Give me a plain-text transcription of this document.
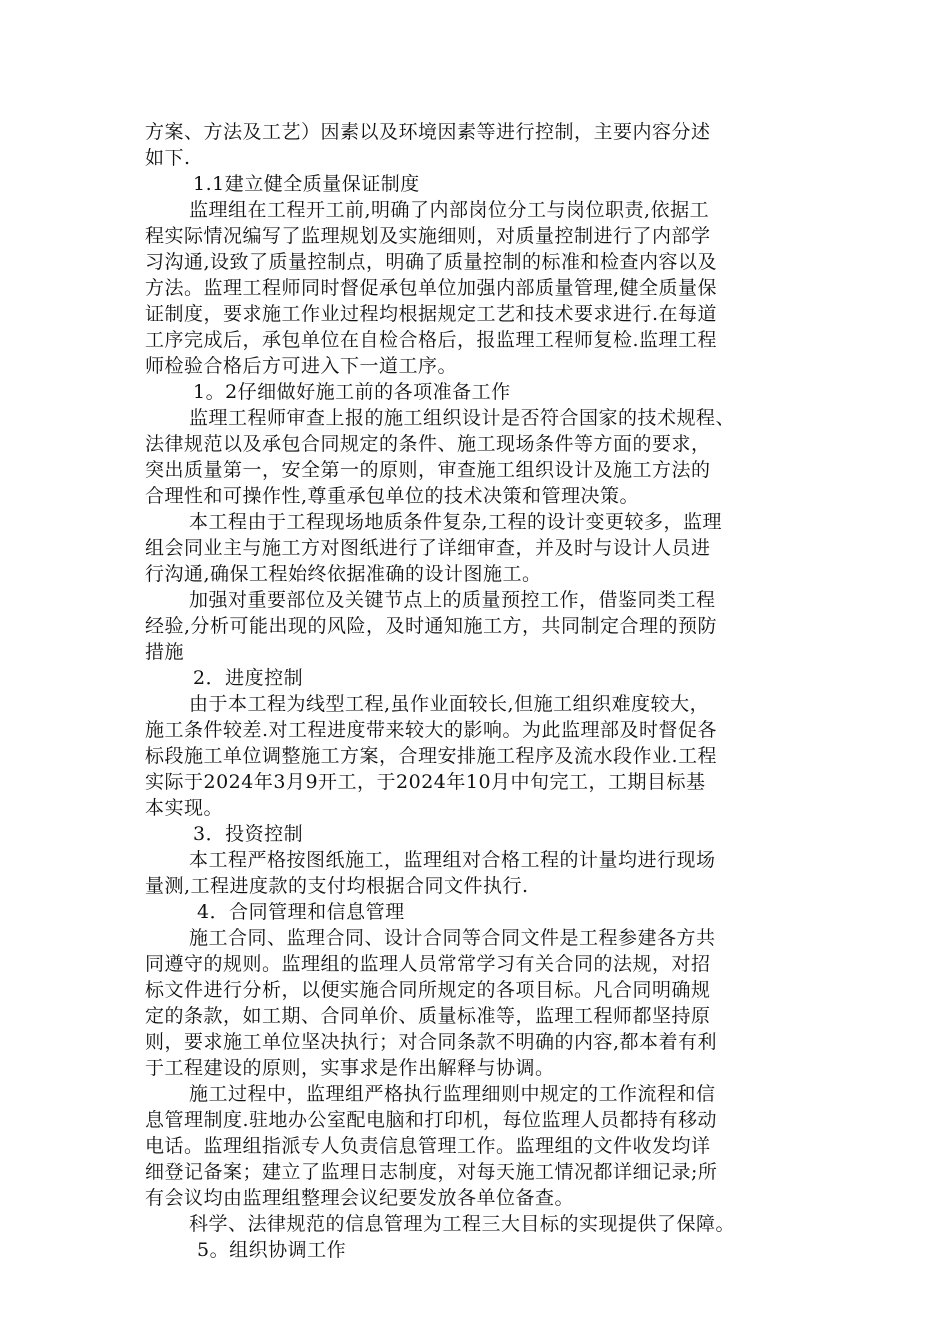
方案、方法及工艺）因素以及环境因素等进行控制，主要内容分述
如下.
1.1建立健全质量保证制度
监理组在工程开工前,明确了内部岗位分工与岗位职责,依据工
程实际情况编写了监理规划及实施细则，对质量控制进行了内部学
习沟通,设致了质量控制点，明确了质量控制的标准和检查内容以及
方法。监理工程师同时督促承包单位加强内部质量管理,健全质量保
证制度，要求施工作业过程均根据规定工艺和技术要求进行.在每道
工序完成后，承包单位在自检合格后，报监理工程师复检.监理工程
师检验合格后方可进入下一道工序。
1。2仔细做好施工前的各项准备工作
监理工程师审查上报的施工组织设计是否符合国家的技术规程、
法律规范以及承包合同规定的条件、施工现场条件等方面的要求，
突出质量第一，安全第一的原则，审查施工组织设计及施工方法的
合理性和可操作性,尊重承包单位的技术决策和管理决策。
本工程由于工程现场地质条件复杂,工程的设计变更较多，监理
组会同业主与施工方对图纸进行了详细审查，并及时与设计人员进
行沟通,确保工程始终依据准确的设计图施工。
加强对重要部位及关键节点上的质量预控工作，借鉴同类工程
经验,分析可能出现的风险，及时通知施工方，共同制定合理的预防
措施
2．进度控制
由于本工程为线型工程,虽作业面较长,但施工组织难度较大，
施工条件较差.对工程进度带来较大的影响。为此监理部及时督促各
标段施工单位调整施工方案，合理安排施工程序及流水段作业.工程
实际于2024年3月9开工，于2024年10月中旬完工，工期目标基
本实现。
3．投资控制
本工程严格按图纸施工，监理组对合格工程的计量均进行现场
量测,工程进度款的支付均根据合同文件执行.
4．合同管理和信息管理
施工合同、监理合同、设计合同等合同文件是工程参建各方共
同遵守的规则。监理组的监理人员常常学习有关合同的法规，对招
标文件进行分析，以便实施合同所规定的各项目标。凡合同明确规
定的条款，如工期、合同单价、质量标准等，监理工程师都坚持原
则，要求施工单位坚决执行；对合同条款不明确的内容,都本着有利
于工程建设的原则，实事求是作出解释与协调。
施工过程中，监理组严格执行监理细则中规定的工作流程和信
息管理制度.驻地办公室配电脑和打印机，每位监理人员都持有移动
电话。监理组指派专人负责信息管理工作。监理组的文件收发均详
细登记备案；建立了监理日志制度，对每天施工情况都详细记录;所
有会议均由监理组整理会议纪要发放各单位备查。
科学、法律规范的信息管理为工程三大目标的实现提供了保障。
5。组织协调工作
